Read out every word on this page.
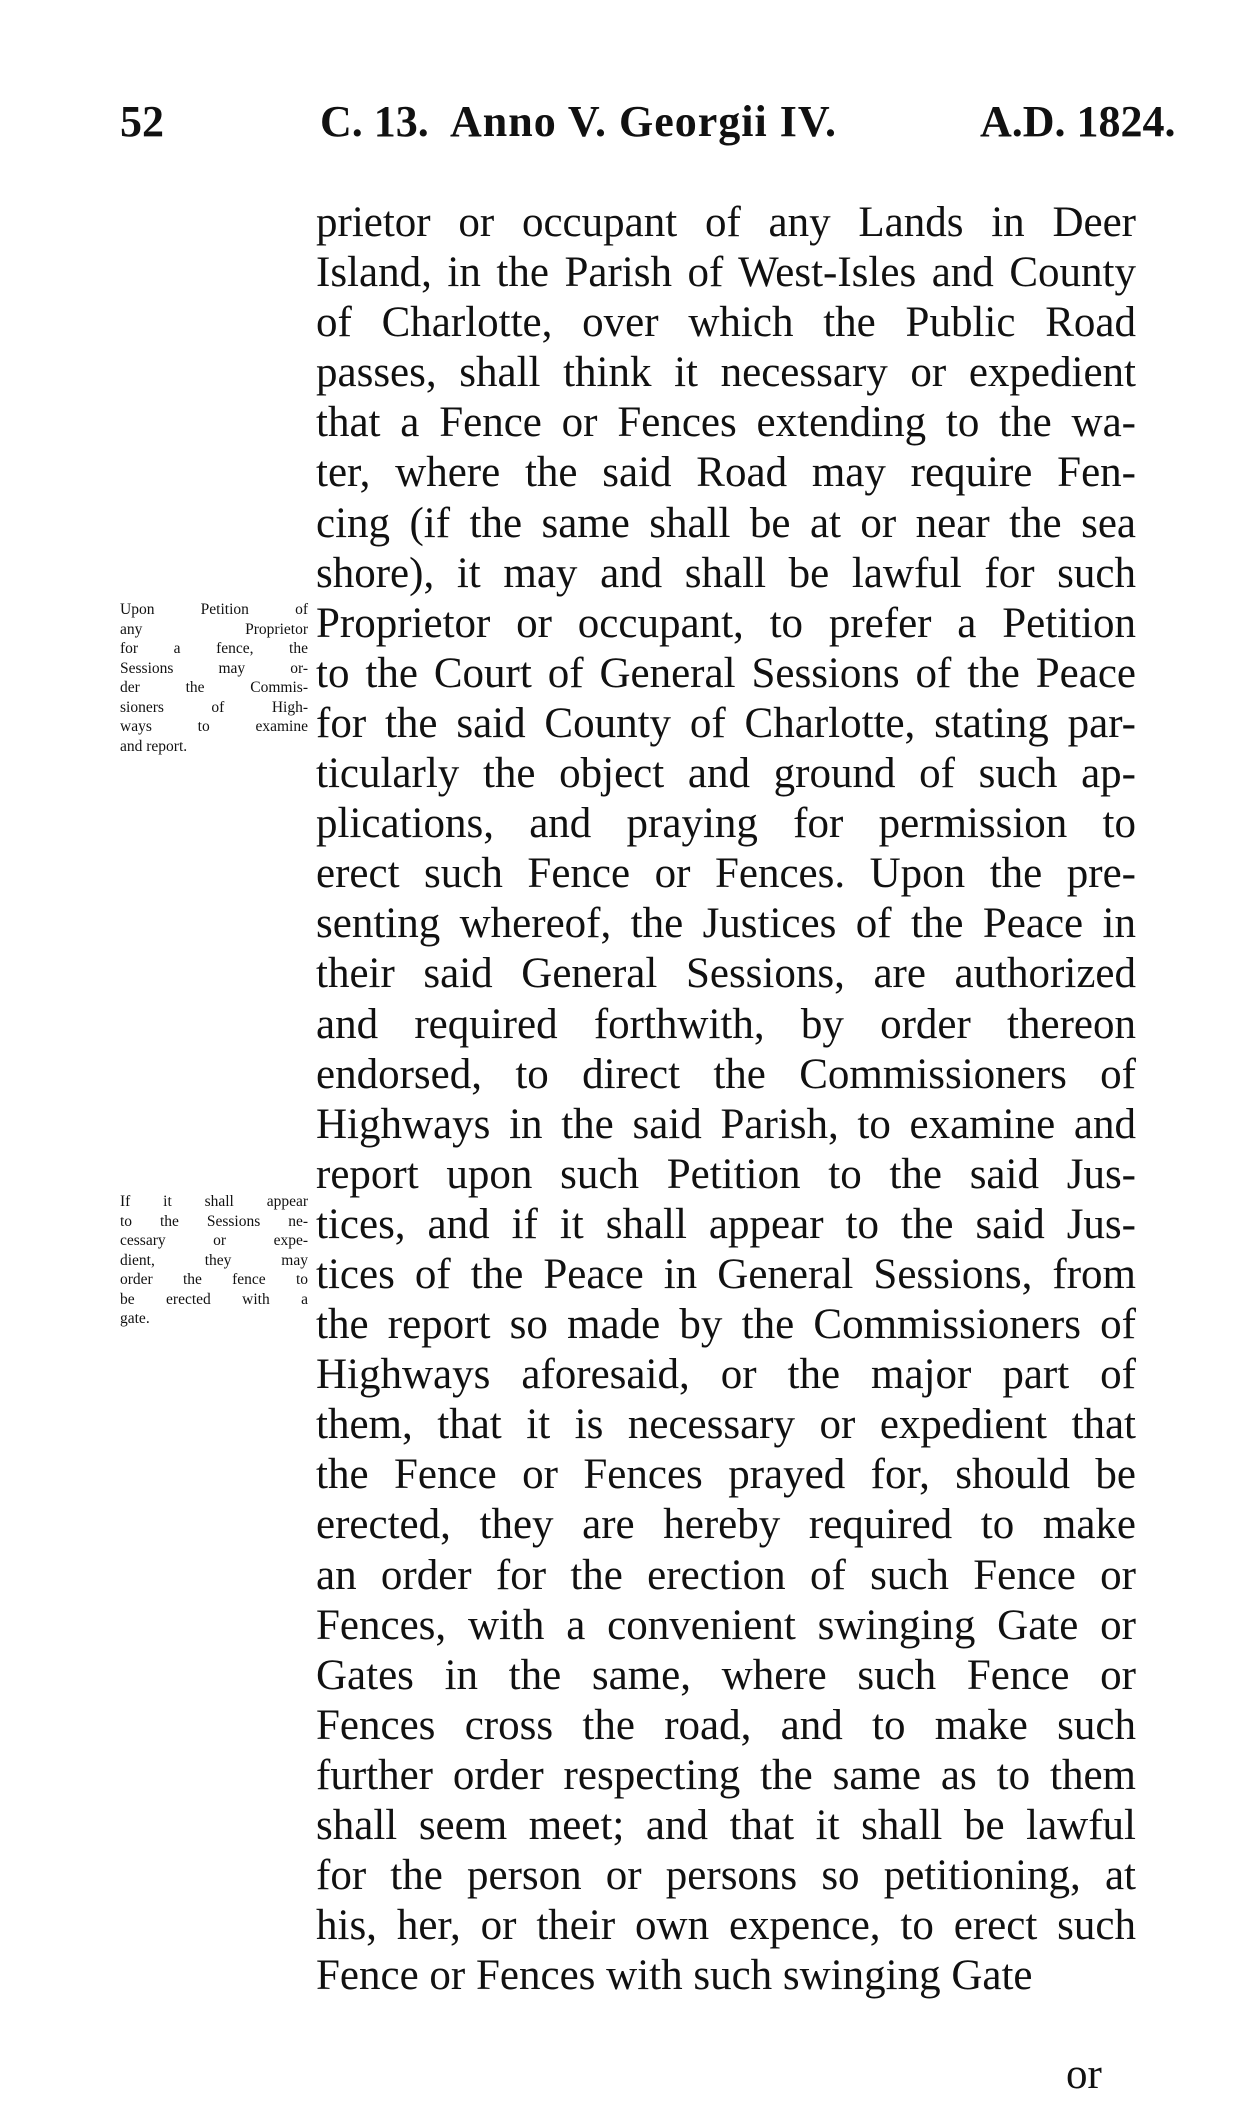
52	C. 13. Anno V. Georgii IV.	A.D. 1824.
Upon Petition of
any Proprietor
for a fence, the
Sessions may or-
der the Commis-
sioners of High-
ways to examine
and report.
If it shall appear
to the Sessions ne-
cessary or expe-
dient, they may
order the fence to
be erected with a
gate.
prietor or occupant of any Lands in Deer
Island, in the Parish of West-Isles and County
of Charlotte, over which the Public Road
passes, shall think it necessary or expedient
that a Fence or Fences extending to the wa-
ter, where the said Road may require Fen-
cing (if the same shall be at or near the sea
shore), it may and shall be lawful for such
Proprietor or occupant, to prefer a Petition
to the Court of General Sessions of the Peace
for the said County of Charlotte, stating par-
ticularly the object and ground of such ap-
plications, and praying for permission to
erect such Fence or Fences. Upon the pre-
senting whereof, the Justices of the Peace in
their said General Sessions, are authorized
and required forthwith, by order thereon
endorsed, to direct the Commissioners of
Highways in the said Parish, to examine and
report upon such Petition to the said Jus-
tices, and if it shall appear to the said Jus-
tices of the Peace in General Sessions, from
the report so made by the Commissioners of
Highways aforesaid, or the major part of
them, that it is necessary or expedient that
the Fence or Fences prayed for, should be
erected, they are hereby required to make
an order for the erection of such Fence or
Fences, with a convenient swinging Gate or
Gates in the same, where such Fence or
Fences cross the road, and to make such
further order respecting the same as to them
shall seem meet; and that it shall be lawful
for the person or persons so petitioning, at
his, her, or their own expence, to erect such
Fence or Fences with such swinging Gate
or
